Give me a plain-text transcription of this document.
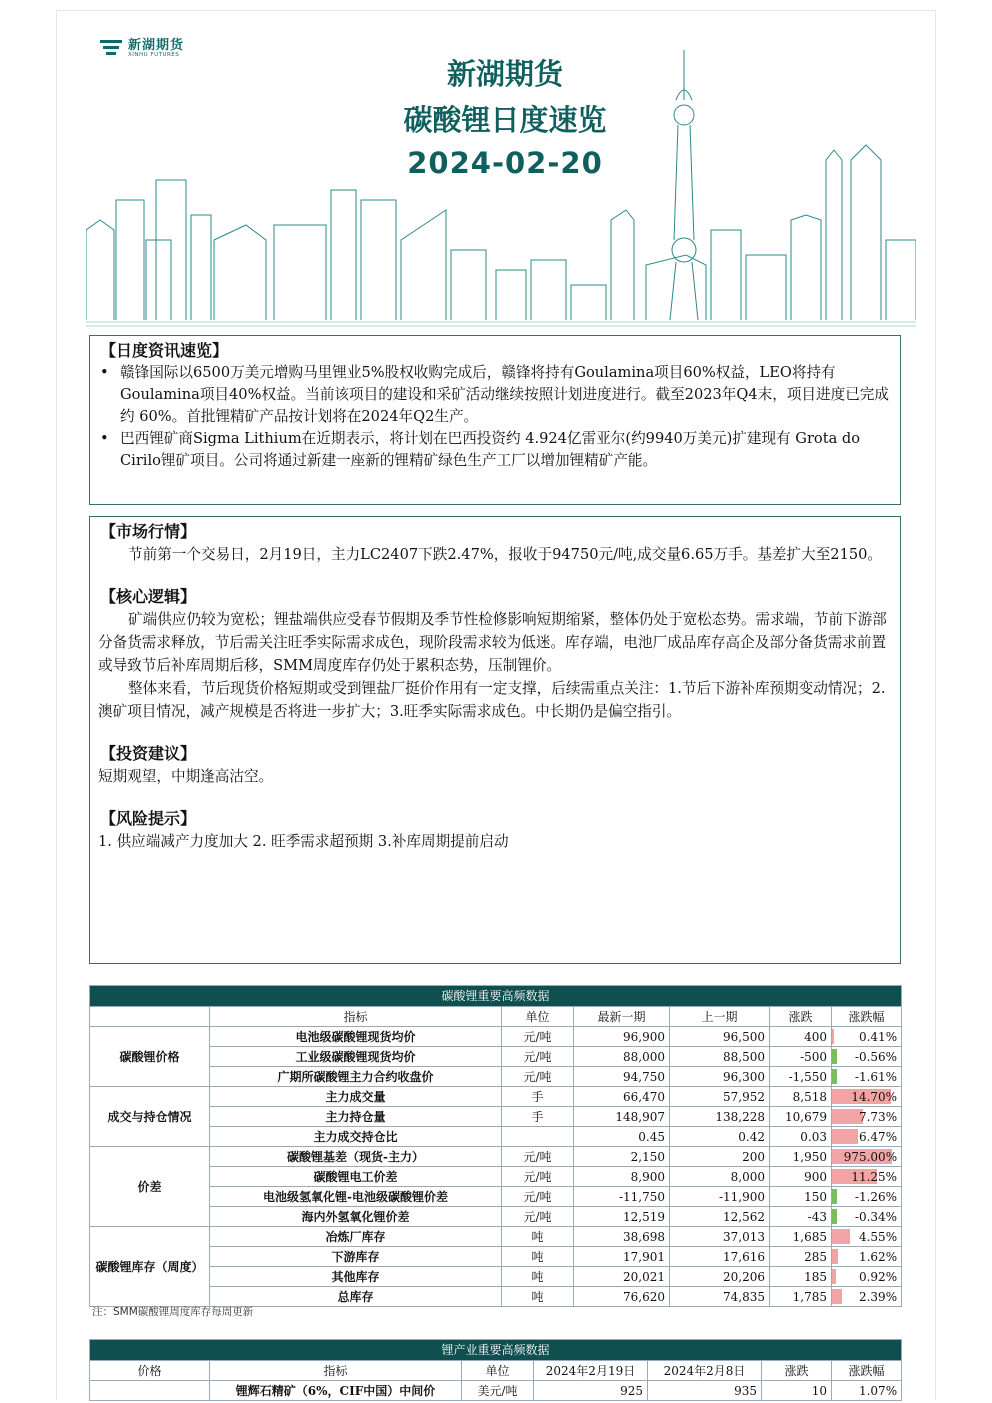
新湖期货
XINHU FUTURES
新湖期货
碳酸锂日度速览
2024-02-20
【日度资讯速览】
• 赣锋国际以6500万美元增购马里锂业5%股权收购完成后，赣锋将持有Goulamina项目60%权益，LEO将持有Goulamina项目40%权益。当前该项目的建设和采矿活动继续按照计划进度进行。截至2023年Q4末，项目进度已完成约 60%。首批锂精矿产品按计划将在2024年Q2生产。
• 巴西锂矿商Sigma Lithium在近期表示，将计划在巴西投资约 4.924亿雷亚尔(约9940万美元)扩建现有 Grota do Cirilo锂矿项目。公司将通过新建一座新的锂精矿绿色生产工厂以增加锂精矿产能。
【市场行情】

节前第一个交易日，2月19日，主力LC2407下跌2.47%，报收于94750元/吨,成交量6.65万手。基差扩大至2150。

【核心逻辑】

矿端供应仍较为宽松；锂盐端供应受春节假期及季节性检修影响短期缩紧，整体仍处于宽松态势。需求端，节前下游部分备货需求释放，节后需关注旺季实际需求成色，现阶段需求较为低迷。库存端，电池厂成品库存高企及部分备货需求前置或导致节后补库周期后移，SMM周度库存仍处于累积态势，压制锂价。

整体来看，节后现货价格短期或受到锂盐厂挺价作用有一定支撑，后续需重点关注：1.节后下游补库预期变动情况；2.澳矿项目情况，减产规模是否将进一步扩大；3.旺季实际需求成色。中长期仍是偏空指引。

【投资建议】

短期观望，中期逢高沽空。

【风险提示】

1. 供应端减产力度加大 2. 旺季需求超预期 3.补库周期提前启动

碳酸锂重要高频数据						
	指标	单位	最新一期	上一期	涨跌	涨跌幅
碳酸锂价格	电池级碳酸锂现货均价	元/吨	96,900	96,500	400	0.41%
	工业级碳酸锂现货均价	元/吨	88,000	88,500	-500	-0.56%
	广期所碳酸锂主力合约收盘价	元/吨	94,750	96,300	-1,550	-1.61%
成交与持仓情况	主力成交量	手	66,470	57,952	8,518	14.70%
	主力持仓量	手	148,907	138,228	10,679	7.73%
	主力成交持仓比		0.45	0.42	0.03	6.47%
价差	碳酸锂基差（现货-主力）	元/吨	2,150	200	1,950	975.00%
	碳酸锂电工价差	元/吨	8,900	8,000	900	11.25%
	电池级氢氧化锂-电池级碳酸锂价差	元/吨	-11,750	-11,900	150	-1.26%
	海内外氢氧化锂价差	元/吨	12,519	12,562	-43	-0.34%
碳酸锂库存（周度）	冶炼厂库存	吨	38,698	37,013	1,685	4.55%
	下游库存	吨	17,901	17,616	285	1.62%
	其他库存	吨	20,021	20,206	185	0.92%
	总库存	吨	76,620	74,835	1,785	2.39%
注：SMM碳酸锂周度库存每周更新
锂产业重要高频数据						
价格	指标	单位	2024年2月19日	2024年2月8日	涨跌	涨跌幅
	锂辉石精矿（6%，CIF中国）中间价	美元/吨	925	935	10	1.07%
